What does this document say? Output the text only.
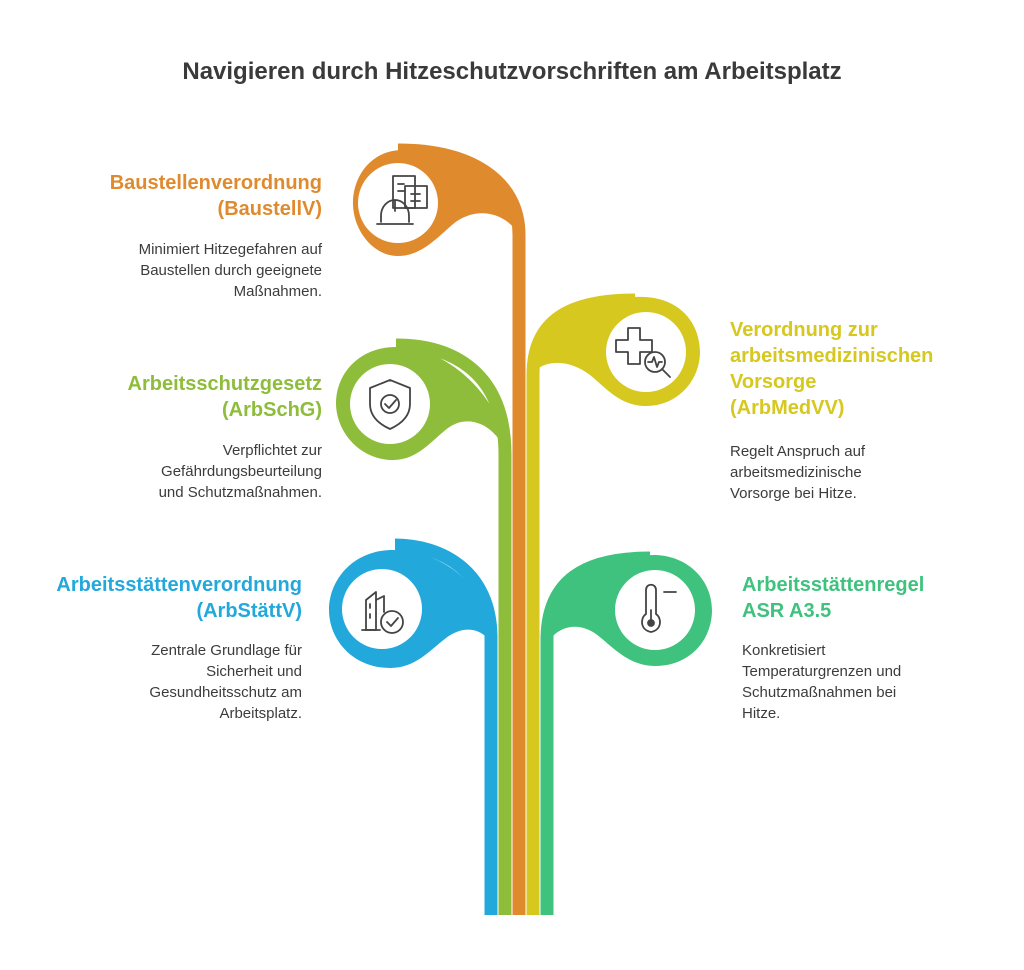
Navigieren durch Hitzeschutzvorschriften am Arbeitsplatz
Baustellenverordnung
(BaustellV)
Minimiert Hitzegefahren auf
Baustellen durch geeignete
Maßnahmen.
Arbeitsschutzgesetz
(ArbSchG)
Verpflichtet zur
Gefährdungsbeurteilung
und Schutzmaßnahmen.
Arbeitsstättenverordnung
(ArbStättV)
Zentrale Grundlage für
Sicherheit und
Gesundheitsschutz am
Arbeitsplatz.
Verordnung zur
arbeitsmedizinischen
Vorsorge
(ArbMedVV)
Regelt Anspruch auf
arbeitsmedizinische
Vorsorge bei Hitze.
Arbeitsstättenregel
ASR A3.5
Konkretisiert
Temperaturgrenzen und
Schutzmaßnahmen bei
Hitze.
